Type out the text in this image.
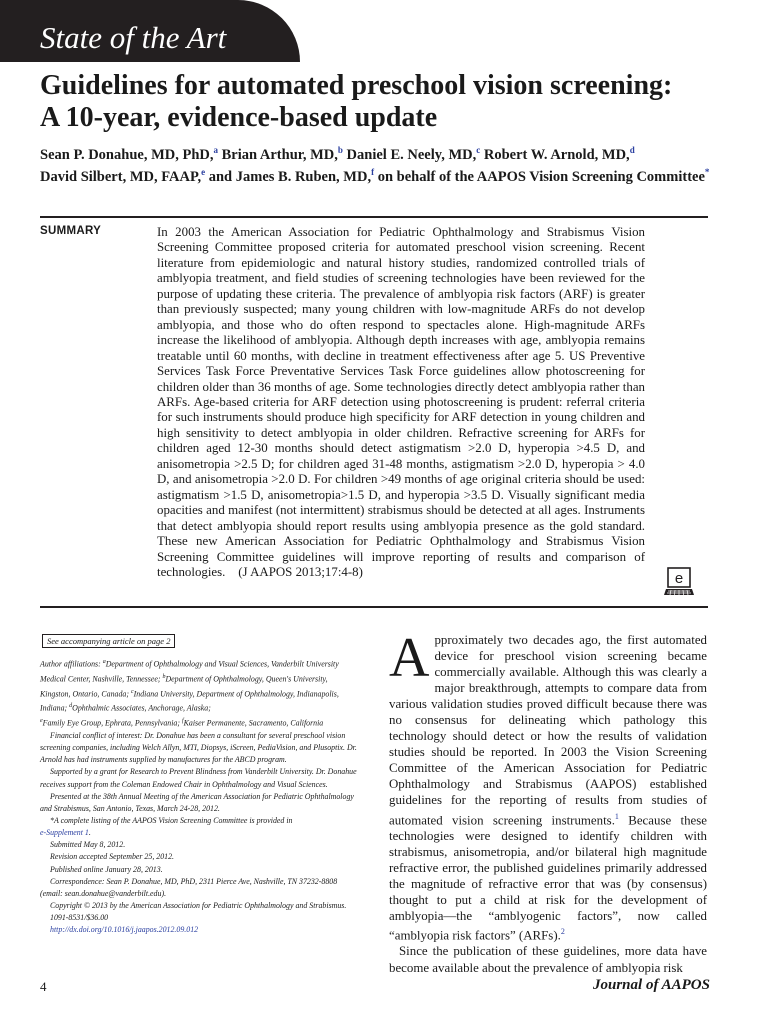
State of the Art
Guidelines for automated preschool vision screening:
A 10-year, evidence-based update
Sean P. Donahue, MD, PhD,$^a$ Brian Arthur, MD,$^b$ Daniel E. Neely, MD,$^c$ Robert W. Arnold, MD,$^d$
David Silbert, MD, FAAP,$^e$ and James B. Ruben, MD,$^f$ on behalf of the AAPOS Vision Screening Committee*
SUMMARY	In 2003 the American Association for Pediatric Ophthalmology and Strabismus Vision Screening Committee proposed criteria for automated preschool vision screening. Recent literature from epidemiologic and natural history studies, randomized controlled trials of amblyopia treatment, and field studies of screening technologies have been reviewed for the purpose of updating these criteria. The prevalence of amblyopia risk factors (ARF) is greater than previously suspected; many young children with low-magnitude ARFs do not develop amblyopia, and those who do often respond to spectacles alone. High-magnitude ARFs increase the likelihood of amblyopia. Although depth increases with age, amblyopia remains treatable until 60 months, with decline in treatment effectiveness after age 5. US Preventive Services Task Force Preventative Services Task Force guidelines allow photoscreening for children older than 36 months of age. Some technologies directly detect amblyopia rather than ARFs. Age-based criteria for ARF detection using photoscreening is prudent: referral criteria for such instruments should produce high specificity for ARF detection in young children and high sensitivity to detect amblyopia in older children. Refractive screening for ARFs for children aged 12-30 months should detect astigmatism >2.0 D, hyperopia >4.5 D, and anisometropia >2.5 D; for children aged 31-48 months, astigmatism >2.0 D, hyperopia > 4.0 D, and anisometropia >2.0 D. For children >49 months of age original criteria should be used: astigmatism >1.5 D, anisometropia>1.5 D, and hyperopia >3.5 D. Visually significant media opacities and manifest (not intermittent) strabismus should be detected at all ages. Instruments that detect amblyopia should report results using amblyopia presence as the gold standard. These new American Association for Pediatric Ophthalmology and Strabismus Vision Screening Committee guidelines will improve reporting of results and comparison of technologies. (J AAPOS 2013;17:4-8)	e
See accompanying article on page 2

Author affiliations: $^a$Department of Ophthalmology and Visual Sciences, Vanderbilt University Medical Center, Nashville, Tennessee; $^b$Department of Ophthalmology, Queen's University, Kingston, Ontario, Canada; $^c$Indiana University, Department of Ophthalmology, Indianapolis, Indiana; $^d$Ophthalmic Associates, Anchorage, Alaska;
$^e$Family Eye Group, Ephrata, Pennsylvania; $^f$Kaiser Permanente, Sacramento, California

Financial conflict of interest: Dr. Donahue has been a consultant for several preschool vision screening companies, including Welch Allyn, MTI, Diopsys, iScreen, PediaVision, and Plusoptix. Dr. Arnold has had instruments supplied by manufactures for the ABCD program.

Supported by a grant for Research to Prevent Blindness from Vanderbilt University. Dr. Donahue receives support from the Coleman Endowed Chair in Ophthalmology and Visual Sciences.

Presented at the 38th Annual Meeting of the American Association for Pediatric Ophthalmology and Strabismus, San Antonio, Texas, March 24-28, 2012.

*A complete listing of the AAPOS Vision Screening Committee is provided in
e-Supplement 1.

Submitted May 8, 2012.

Revision accepted September 25, 2012.

Published online January 28, 2013.

Correspondence: Sean P. Donahue, MD, PhD, 2311 Pierce Ave, Nashville, TN 37232-8808 (email: sean.donahue@vanderbilt.edu).

Copyright © 2013 by the American Association for Pediatric Ophthalmology and Strabismus.

1091-8531/$36.00

http://dx.doi.org/10.1016/j.jaapos.2012.09.012

Approximately two decades ago, the first automated device for preschool vision screening became commercially available. Although this was clearly a major breakthrough, attempts to compare data from various validation studies proved difficult because there was no consensus for delineating which pathology this technology should detect or how the results of validation studies should be reported. In 2003 the Vision Screening Committee of the American Association for Pediatric Ophthalmology and Strabismus (AAPOS) established guidelines for the reporting of results from studies of automated vision screening instruments.$^1$ Because these technologies were designed to identify children with strabismus, anisometropia, and/or bilateral high magnitude refractive error, the published guidelines primarily addressed the magnitude of refractive error that was (by consensus) thought to put a child at risk for the development of amblyopia—the “amblyogenic factors”, now called “amblyopia risk factors” (ARFs).$^2$

Since the publication of these guidelines, more data have become available about the prevalence of amblyopia risk

4	Journal of AAPOS
